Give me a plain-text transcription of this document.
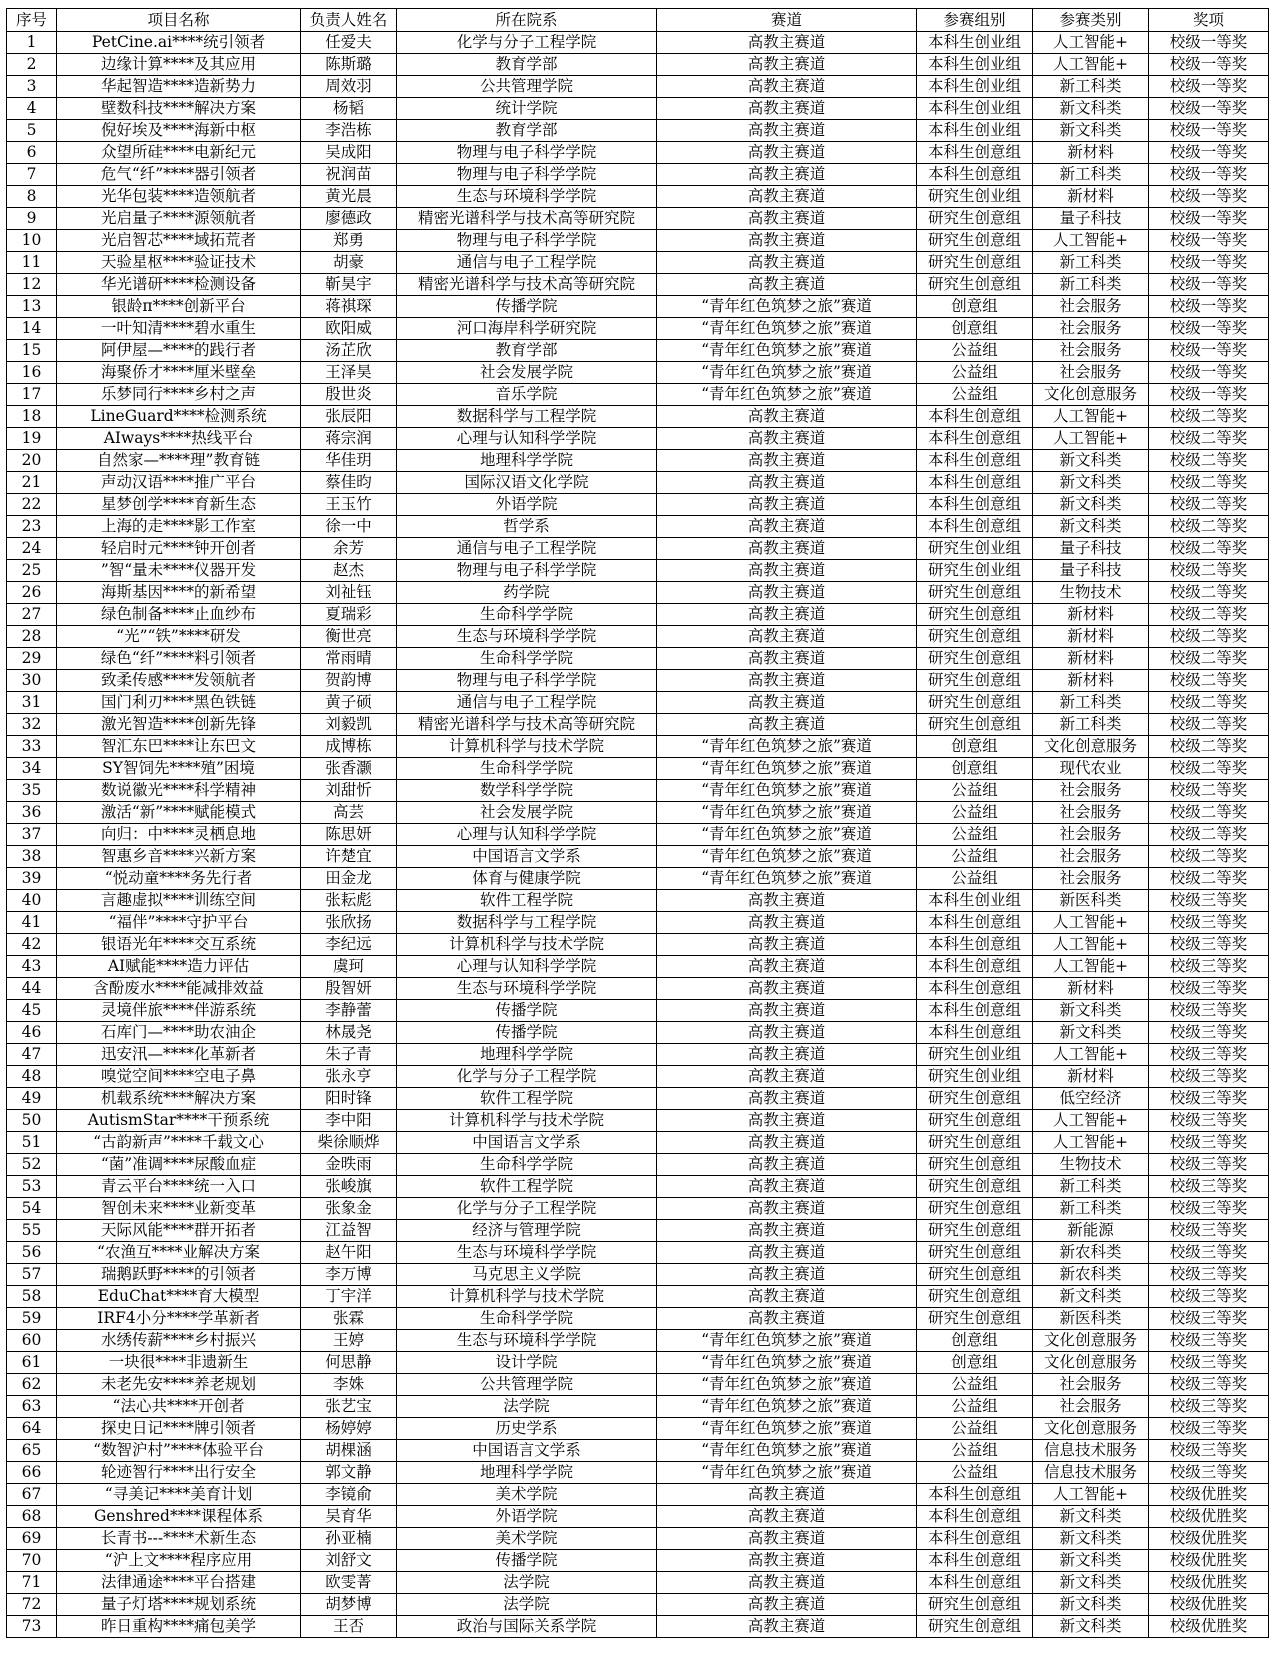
序号	项目名称	负责人姓名	所在院系	赛道	参赛组别	参赛类别	奖项
1	PetCine.ai****统引领者	任爱夫	化学与分子工程学院	高教主赛道	本科生创业组	人工智能+	校级一等奖
2	边缘计算****及其应用	陈斯璐	教育学部	高教主赛道	本科生创业组	人工智能+	校级一等奖
3	华起智造****造新势力	周效羽	公共管理学院	高教主赛道	本科生创业组	新工科类	校级一等奖
4	壁数科技****解决方案	杨韬	统计学院	高教主赛道	本科生创业组	新文科类	校级一等奖
5	倪好埃及****海新中枢	李浩栋	教育学部	高教主赛道	本科生创业组	新文科类	校级一等奖
6	众望所硅****电新纪元	吴成阳	物理与电子科学学院	高教主赛道	本科生创意组	新材料	校级一等奖
7	危气“纤”****器引领者	祝润苗	物理与电子科学学院	高教主赛道	本科生创意组	新工科类	校级一等奖
8	光华包装****造领航者	黄光晨	生态与环境科学学院	高教主赛道	研究生创业组	新材料	校级一等奖
9	光启量子****源领航者	廖德政	精密光谱科学与技术高等研究院	高教主赛道	研究生创意组	量子科技	校级一等奖
10	光启智芯****域拓荒者	郑勇	物理与电子科学学院	高教主赛道	研究生创意组	人工智能+	校级一等奖
11	天验星枢****验证技术	胡豪	通信与电子工程学院	高教主赛道	研究生创意组	新工科类	校级一等奖
12	华光谱研****检测设备	靳昊宇	精密光谱科学与技术高等研究院	高教主赛道	研究生创意组	新工科类	校级一等奖
13	银龄π****创新平台	蒋祺琛	传播学院	“青年红色筑梦之旅”赛道	创意组	社会服务	校级一等奖
14	一叶知清****碧水重生	欧阳威	河口海岸科学研究院	“青年红色筑梦之旅”赛道	创意组	社会服务	校级一等奖
15	阿伊屋—****的践行者	汤芷欣	教育学部	“青年红色筑梦之旅”赛道	公益组	社会服务	校级一等奖
16	海聚侨才****厘米壁垒	王泽昊	社会发展学院	“青年红色筑梦之旅”赛道	公益组	社会服务	校级一等奖
17	乐梦同行****乡村之声	殷世炎	音乐学院	“青年红色筑梦之旅”赛道	公益组	文化创意服务	校级一等奖
18	LineGuard****检测系统	张辰阳	数据科学与工程学院	高教主赛道	本科生创意组	人工智能+	校级二等奖
19	AIways****热线平台	蒋宗润	心理与认知科学学院	高教主赛道	本科生创意组	人工智能+	校级二等奖
20	自然家—****理”教育链	华佳玥	地理科学学院	高教主赛道	本科生创意组	新文科类	校级二等奖
21	声动汉语****推广平台	蔡佳昀	国际汉语文化学院	高教主赛道	本科生创意组	新文科类	校级二等奖
22	星梦创学****育新生态	王玉竹	外语学院	高教主赛道	本科生创意组	新文科类	校级二等奖
23	上海的走****影工作室	徐一中	哲学系	高教主赛道	本科生创意组	新文科类	校级二等奖
24	轻启时元****钟开创者	余芳	通信与电子工程学院	高教主赛道	研究生创业组	量子科技	校级二等奖
25	”智“量未****仪器开发	赵杰	物理与电子科学学院	高教主赛道	研究生创业组	量子科技	校级二等奖
26	海斯基因****的新希望	刘祉钰	药学院	高教主赛道	研究生创意组	生物技术	校级二等奖
27	绿色制备****止血纱布	夏瑞彩	生命科学学院	高教主赛道	研究生创意组	新材料	校级二等奖
28	“光”“铁”****研发	衡世亮	生态与环境科学学院	高教主赛道	研究生创意组	新材料	校级二等奖
29	绿色“纤”****料引领者	常雨晴	生命科学学院	高教主赛道	研究生创意组	新材料	校级二等奖
30	致柔传感****发领航者	贺韵博	物理与电子科学学院	高教主赛道	研究生创意组	新材料	校级二等奖
31	国门利刃****黑色铁链	黄子硕	通信与电子工程学院	高教主赛道	研究生创意组	新工科类	校级二等奖
32	激光智造****创新先锋	刘毅凯	精密光谱科学与技术高等研究院	高教主赛道	研究生创意组	新工科类	校级二等奖
33	智汇东巴****让东巴文	成博栋	计算机科学与技术学院	“青年红色筑梦之旅”赛道	创意组	文化创意服务	校级二等奖
34	SY智饲先****殖”困境	张香灏	生命科学学院	“青年红色筑梦之旅”赛道	创意组	现代农业	校级二等奖
35	数说徽光****科学精神	刘甜忻	数学科学学院	“青年红色筑梦之旅”赛道	公益组	社会服务	校级二等奖
36	激活“新”****赋能模式	高芸	社会发展学院	“青年红色筑梦之旅”赛道	公益组	社会服务	校级二等奖
37	向归：中****灵栖息地	陈思妍	心理与认知科学学院	“青年红色筑梦之旅”赛道	公益组	社会服务	校级二等奖
38	智惠乡音****兴新方案	许楚宜	中国语言文学系	“青年红色筑梦之旅”赛道	公益组	社会服务	校级二等奖
39	“悦动童****务先行者	田金龙	体育与健康学院	“青年红色筑梦之旅”赛道	公益组	社会服务	校级二等奖
40	言趣虚拟****训练空间	张耘彪	软件工程学院	高教主赛道	本科生创业组	新医科类	校级三等奖
41	“福伴”****守护平台	张欣扬	数据科学与工程学院	高教主赛道	本科生创意组	人工智能+	校级三等奖
42	银语光年****交互系统	李纪远	计算机科学与技术学院	高教主赛道	本科生创意组	人工智能+	校级三等奖
43	AI赋能****造力评估	虞珂	心理与认知科学学院	高教主赛道	本科生创意组	人工智能+	校级三等奖
44	含酚废水****能减排效益	殷智妍	生态与环境科学学院	高教主赛道	本科生创意组	新材料	校级三等奖
45	灵境伴旅****伴游系统	李静蕾	传播学院	高教主赛道	本科生创意组	新文科类	校级三等奖
46	石库门—****助农油企	林晟尧	传播学院	高教主赛道	本科生创意组	新文科类	校级三等奖
47	迅安汛—****化革新者	朱子青	地理科学学院	高教主赛道	研究生创业组	人工智能+	校级三等奖
48	嗅觉空间****空电子鼻	张永亨	化学与分子工程学院	高教主赛道	研究生创业组	新材料	校级三等奖
49	机载系统****解决方案	阳时锋	软件工程学院	高教主赛道	研究生创意组	低空经济	校级三等奖
50	AutismStar****干预系统	李中阳	计算机科学与技术学院	高教主赛道	研究生创意组	人工智能+	校级三等奖
51	“古韵新声”****千载文心	柴徐顺烨	中国语言文学系	高教主赛道	研究生创意组	人工智能+	校级三等奖
52	“菌”准调****尿酸血症	金昳雨	生命科学学院	高教主赛道	研究生创意组	生物技术	校级三等奖
53	青云平台****统一入口	张峻旗	软件工程学院	高教主赛道	研究生创意组	新工科类	校级三等奖
54	智创未来****业新变革	张象金	化学与分子工程学院	高教主赛道	研究生创意组	新工科类	校级三等奖
55	天际风能****群开拓者	江益智	经济与管理学院	高教主赛道	研究生创意组	新能源	校级三等奖
56	“农渔互****业解决方案	赵午阳	生态与环境科学学院	高教主赛道	研究生创意组	新农科类	校级三等奖
57	瑞鹅跃野****的引领者	李万博	马克思主义学院	高教主赛道	研究生创意组	新农科类	校级三等奖
58	EduChat****育大模型	丁宇洋	计算机科学与技术学院	高教主赛道	研究生创意组	新文科类	校级三等奖
59	IRF4小分****学革新者	张霖	生命科学学院	高教主赛道	研究生创意组	新医科类	校级三等奖
60	水绣传薪****乡村振兴	王婷	生态与环境科学学院	“青年红色筑梦之旅”赛道	创意组	文化创意服务	校级三等奖
61	一块很****非遗新生	何思静	设计学院	“青年红色筑梦之旅”赛道	创意组	文化创意服务	校级三等奖
62	未老先安****养老规划	李姝	公共管理学院	“青年红色筑梦之旅”赛道	公益组	社会服务	校级三等奖
63	“法心共****开创者	张艺宝	法学院	“青年红色筑梦之旅”赛道	公益组	社会服务	校级三等奖
64	探史日记****牌引领者	杨婷婷	历史学系	“青年红色筑梦之旅”赛道	公益组	文化创意服务	校级三等奖
65	“数智沪村”****体验平台	胡棵涵	中国语言文学系	“青年红色筑梦之旅”赛道	公益组	信息技术服务	校级三等奖
66	轮迹智行****出行安全	郭文静	地理科学学院	“青年红色筑梦之旅”赛道	公益组	信息技术服务	校级三等奖
67	“寻美记****美育计划	李镜俞	美术学院	高教主赛道	本科生创意组	人工智能+	校级优胜奖
68	Genshred****课程体系	吴育华	外语学院	高教主赛道	本科生创意组	新文科类	校级优胜奖
69	长青书---****术新生态	孙亚楠	美术学院	高教主赛道	本科生创意组	新文科类	校级优胜奖
70	“沪上文****程序应用	刘舒文	传播学院	高教主赛道	本科生创意组	新文科类	校级优胜奖
71	法律通途****平台搭建	欧雯菁	法学院	高教主赛道	本科生创意组	新文科类	校级优胜奖
72	量子灯塔****规划系统	胡梦博	法学院	高教主赛道	研究生创意组	新文科类	校级优胜奖
73	昨日重构****痛包美学	王否	政治与国际关系学院	高教主赛道	研究生创意组	新文科类	校级优胜奖
